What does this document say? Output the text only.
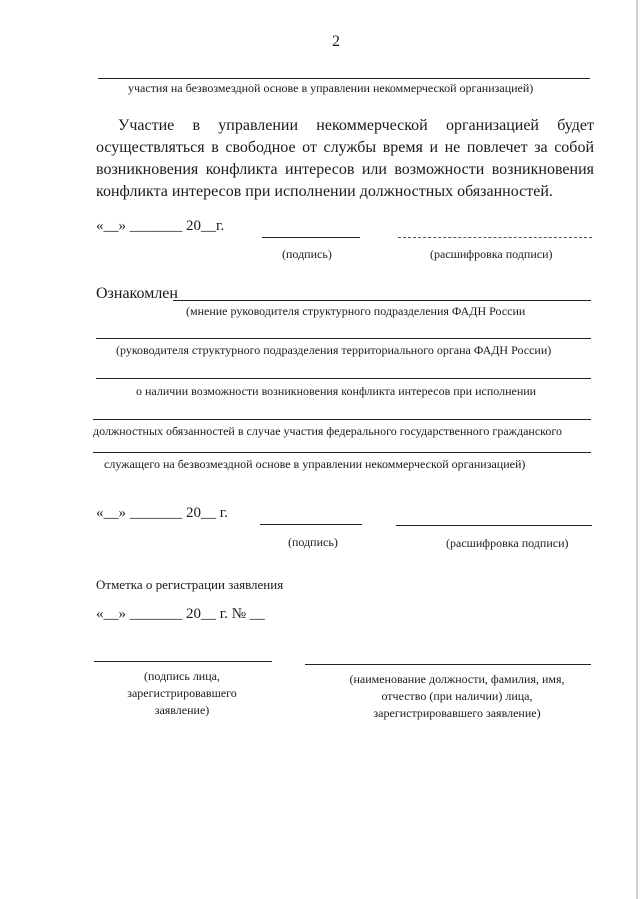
2
участия на безвозмездной основе в управлении некоммерческой организацией)
Участие в управлении некоммерческой организацией будет осуществляться в свободное от службы время и не повлечет за собой возникновения конфликта интересов или возможности возникновения конфликта интересов при исполнении должностных обязанностей.
«__» _______ 20__г.
(подпись)	(расшифровка подписи)
Ознакомлен
(мнение руководителя структурного подразделения ФАДН России
(руководителя структурного подразделения территориального органа ФАДН России)
о наличии возможности возникновения конфликта интересов при исполнении
должностных обязанностей в случае участия федерального государственного гражданского
служащего на безвозмездной основе в управлении некоммерческой организацией)
«__» _______ 20__ г.
(подпись)	(расшифровка подписи)
Отметка о регистрации заявления
«__» _______ 20__ г. № __
(подпись лица, зарегистрировавшего заявление)
(наименование должности, фамилия, имя, отчество (при наличии) лица, зарегистрировавшего заявление)
